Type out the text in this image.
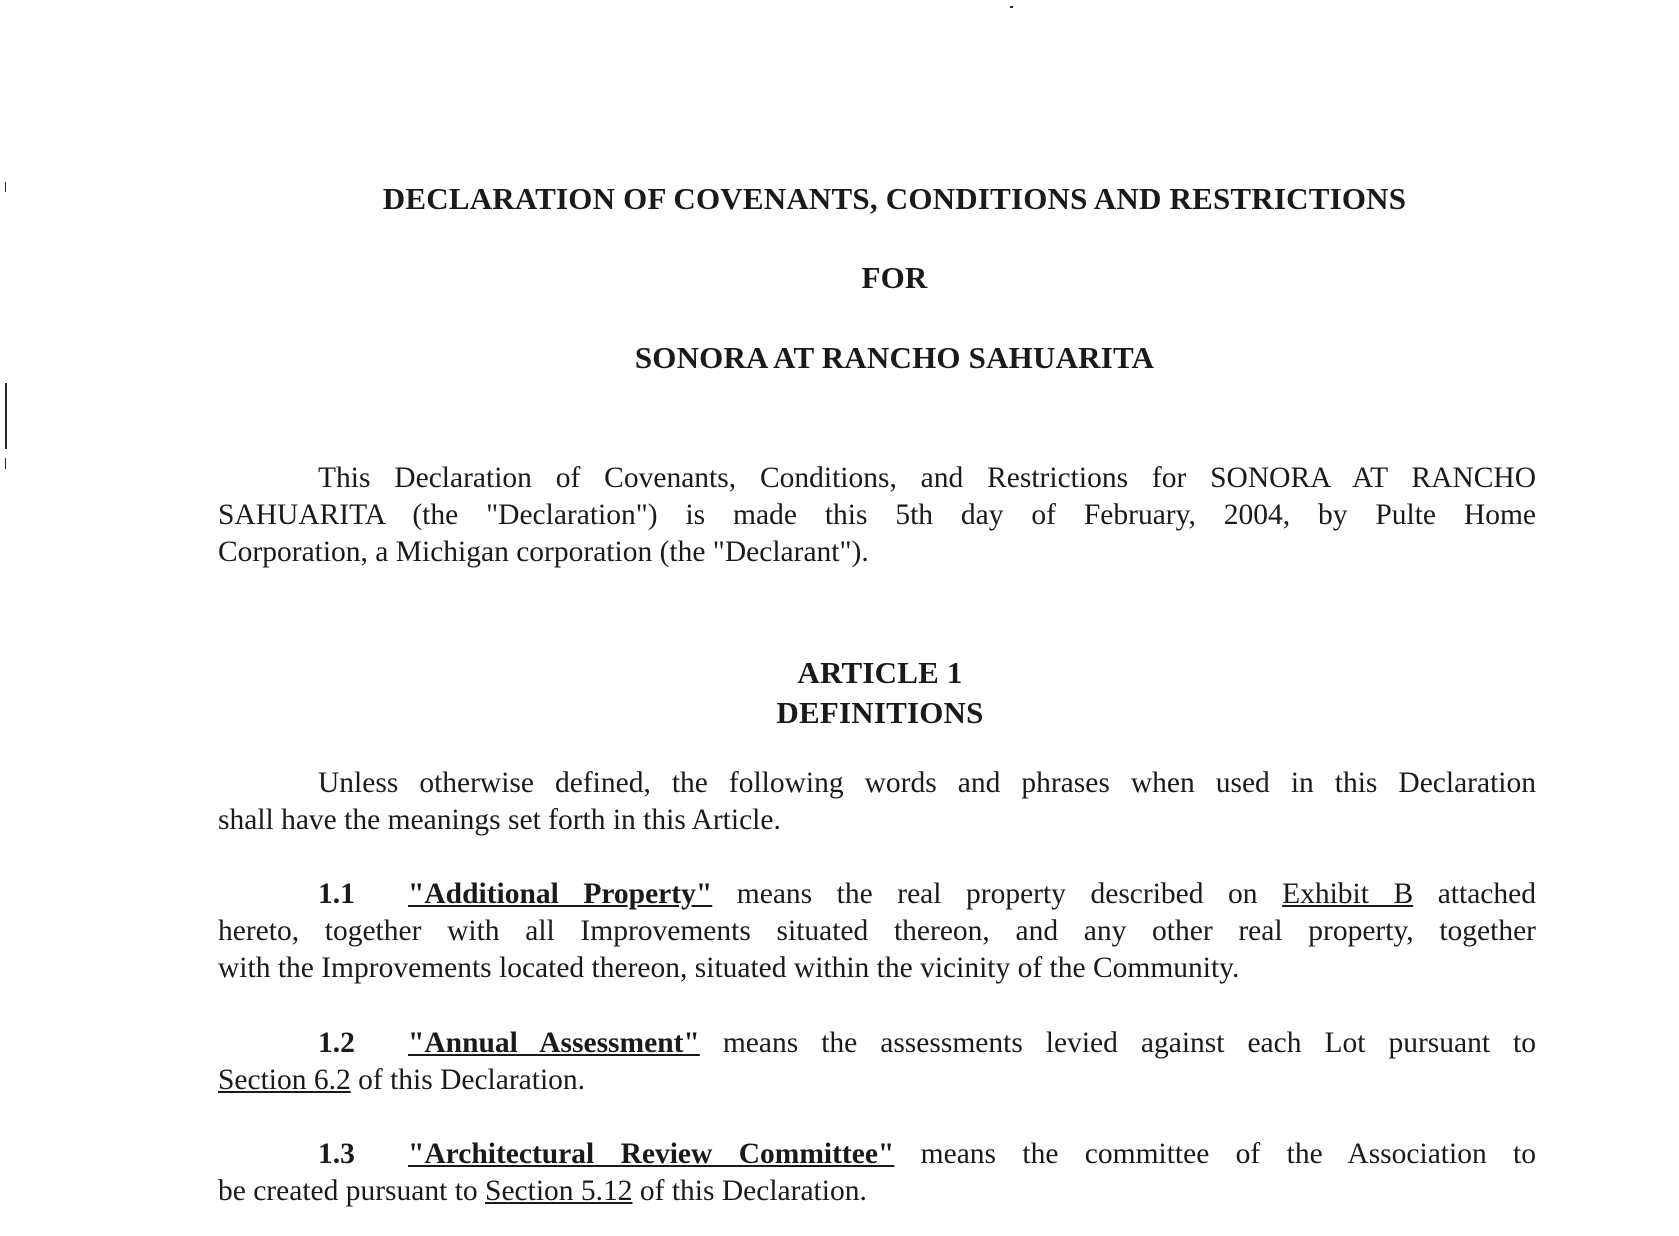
DECLARATION OF COVENANTS, CONDITIONS AND RESTRICTIONS
FOR
SONORA AT RANCHO SAHUARITA
This Declaration of Covenants, Conditions, and Restrictions for SONORA AT RANCHO
SAHUARITA (the "Declaration") is made this 5th day of February, 2004, by Pulte Home
Corporation, a Michigan corporation (the "Declarant").
ARTICLE 1
DEFINITIONS
Unless otherwise defined, the following words and phrases when used in this Declaration
shall have the meanings set forth in this Article.
1.1 "Additional Property" means the real property described on Exhibit B attached
hereto, together with all Improvements situated thereon, and any other real property, together
with the Improvements located thereon, situated within the vicinity of the Community.
1.2 "Annual Assessment" means the assessments levied against each Lot pursuant to
Section 6.2 of this Declaration.
1.3 "Architectural Review Committee" means the committee of the Association to
be created pursuant to Section 5.12 of this Declaration.
